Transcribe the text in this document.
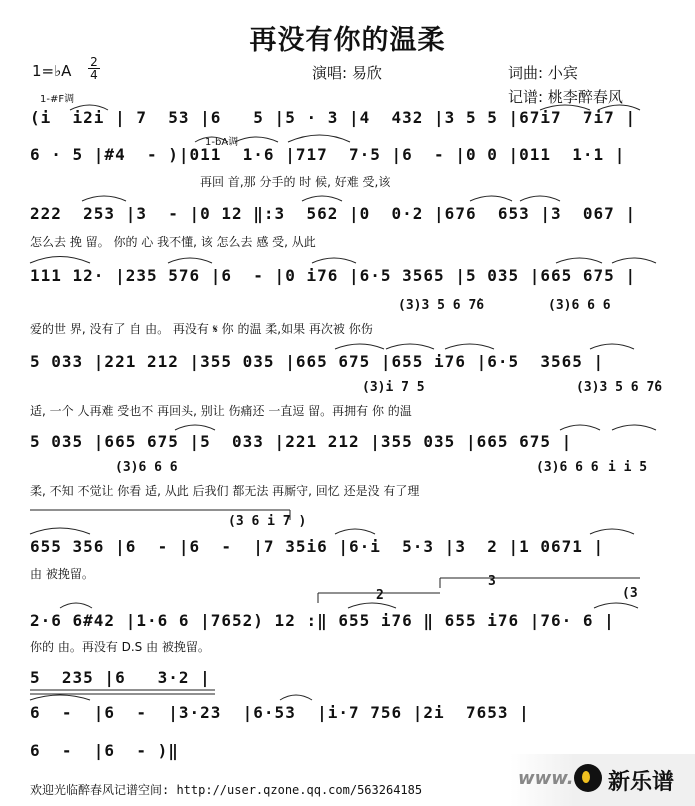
再没有你的温柔
1=♭A 2
4	演唱: 易欣	词曲: 小宾
记谱: 桃李醉春风
1-#F调
1-bA调
(i  i2i | 7  53 |6   5 |5 · 3 |4  432 |3 5 5 |67i7  7i7 |
6 · 5 |#4  - )|011  1·6 |717  7·5 |6  - |0 0 |011  1·1 |
再回 首,那 分手的 时 候, 好难 受,该
222  253 |3  - |0 12 ‖:3  562 |0  0·2 |676  653 |3  067 |
怎么去 挽 留。 你的 心 我不懂, 该 怎么去 感 受, 从此
111 12· |235 576 |6  - |0 i76 |6·5 3565 |5 035 |665 675 |
爱的世 界, 没有了 自 由。 再没有 𝄋 你 的温 柔,如果 再次被 你伤
5 033 |221 212 |355 035 |665 675 |655 i76 |6·5  3565 |
适, 一个 人再难 受也不 再回头, 别让 伤痛还 一直逗 留。再拥有 你 的温
5 035 |665 675 |5  033 |221 212 |355 035 |665 675 |
柔, 不知 不觉让 你看 适, 从此 后我们 都无法 再厮守, 回忆 还是没 有了理
655 356 |6  - |6  -  |7 35i6 |6·i  5·3 |3  2 |1 0671 |
由 被挽留。
2·6 6#42 |1·6 6 |7652) 12 :‖ 655 i76 ‖ 655 i76 |76· 6 |
你的 由。再没有 D.S 由 被挽留。
5  235 |6   3·2 |
6  -  |6  -  |3·23  |6·53  |i·7 756 |2i  7653 |
6  -  |6  - )‖
(3)3 5 6 7̇6	(3)6 6 6
(3)i 7 5	(3)3 5 6 7̇6
(3)6 6 6	(3)6 6 6 i i 5
(3 6 i 7 )
2
3
(3
欢迎光临醉春风记谱空间: http://user.qzone.qq.com/563264185
www. 新乐谱
